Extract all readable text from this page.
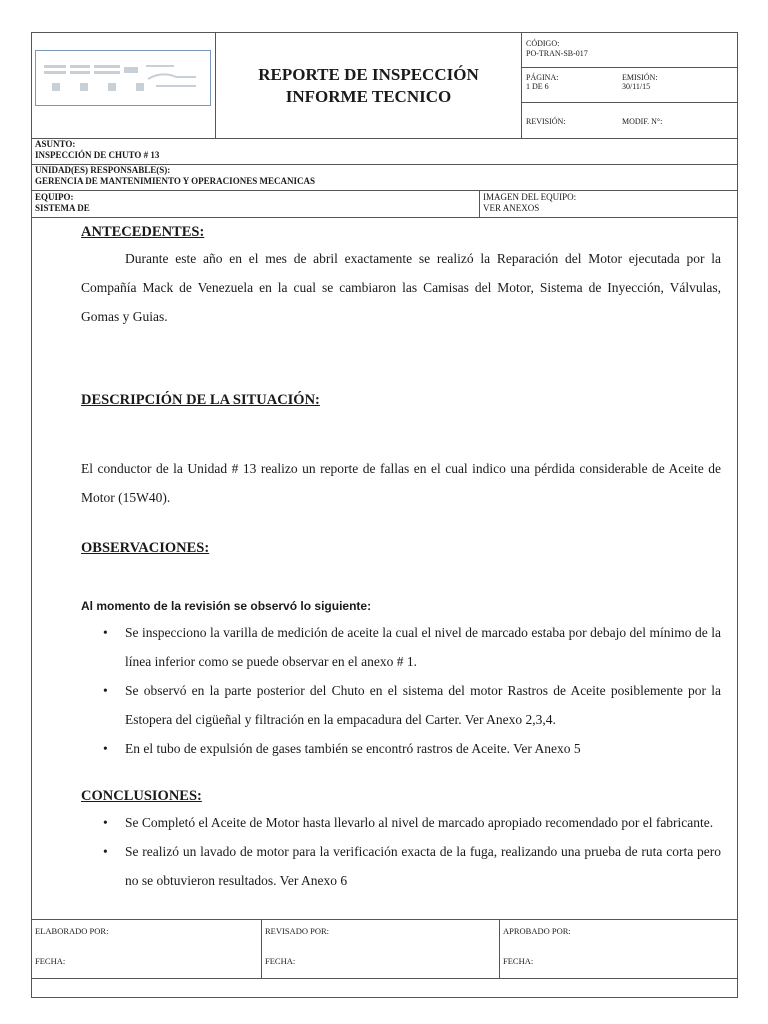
REPORTE DE INSPECCIÓN
INFORME TECNICO
CÓDIGO:
PO-TRAN-SB-017
PÁGINA:
1 DE 6
EMISIÓN:
30/11/15
REVISIÓN:	MODIF. N°:
ASUNTO:
INSPECCIÓN DE CHUTO # 13
UNIDAD(ES) RESPONSABLE(S):
GERENCIA DE MANTENIMIENTO Y OPERACIONES MECANICAS
EQUIPO:
SISTEMA DE
IMAGEN DEL EQUIPO:
VER ANEXOS
ANTECEDENTES:
Durante este año en el mes de abril exactamente se realizó la Reparación del Motor ejecutada por la Compañía Mack de Venezuela en la cual se cambiaron las Camisas del Motor, Sistema de Inyección, Válvulas, Gomas y Guias.
DESCRIPCIÓN DE LA SITUACIÓN:
El conductor de la Unidad # 13 realizo un reporte de fallas en el cual indico una pérdida considerable de Aceite de Motor (15W40).
OBSERVACIONES:
Al momento de la revisión se observó lo siguiente:
• Se inspecciono la varilla de medición de aceite la cual el nivel de marcado estaba por debajo del mínimo de la línea inferior como se puede observar en el anexo # 1.
• Se observó en la parte posterior del Chuto en el sistema del motor Rastros de Aceite posiblemente por la Estopera del cigüeñal y filtración en la empacadura del Carter. Ver Anexo 2,3,4.
• En el tubo de expulsión de gases también se encontró rastros de Aceite. Ver Anexo 5
CONCLUSIONES:
• Se Completó el Aceite de Motor hasta llevarlo al nivel de marcado apropiado recomendado por el fabricante.
• Se realizó un lavado de motor para la verificación exacta de la fuga, realizando una prueba de ruta corta pero no se obtuvieron resultados. Ver Anexo 6
ELABORADO POR:
FECHA:
REVISADO POR:
FECHA:
APROBADO POR:
FECHA:
